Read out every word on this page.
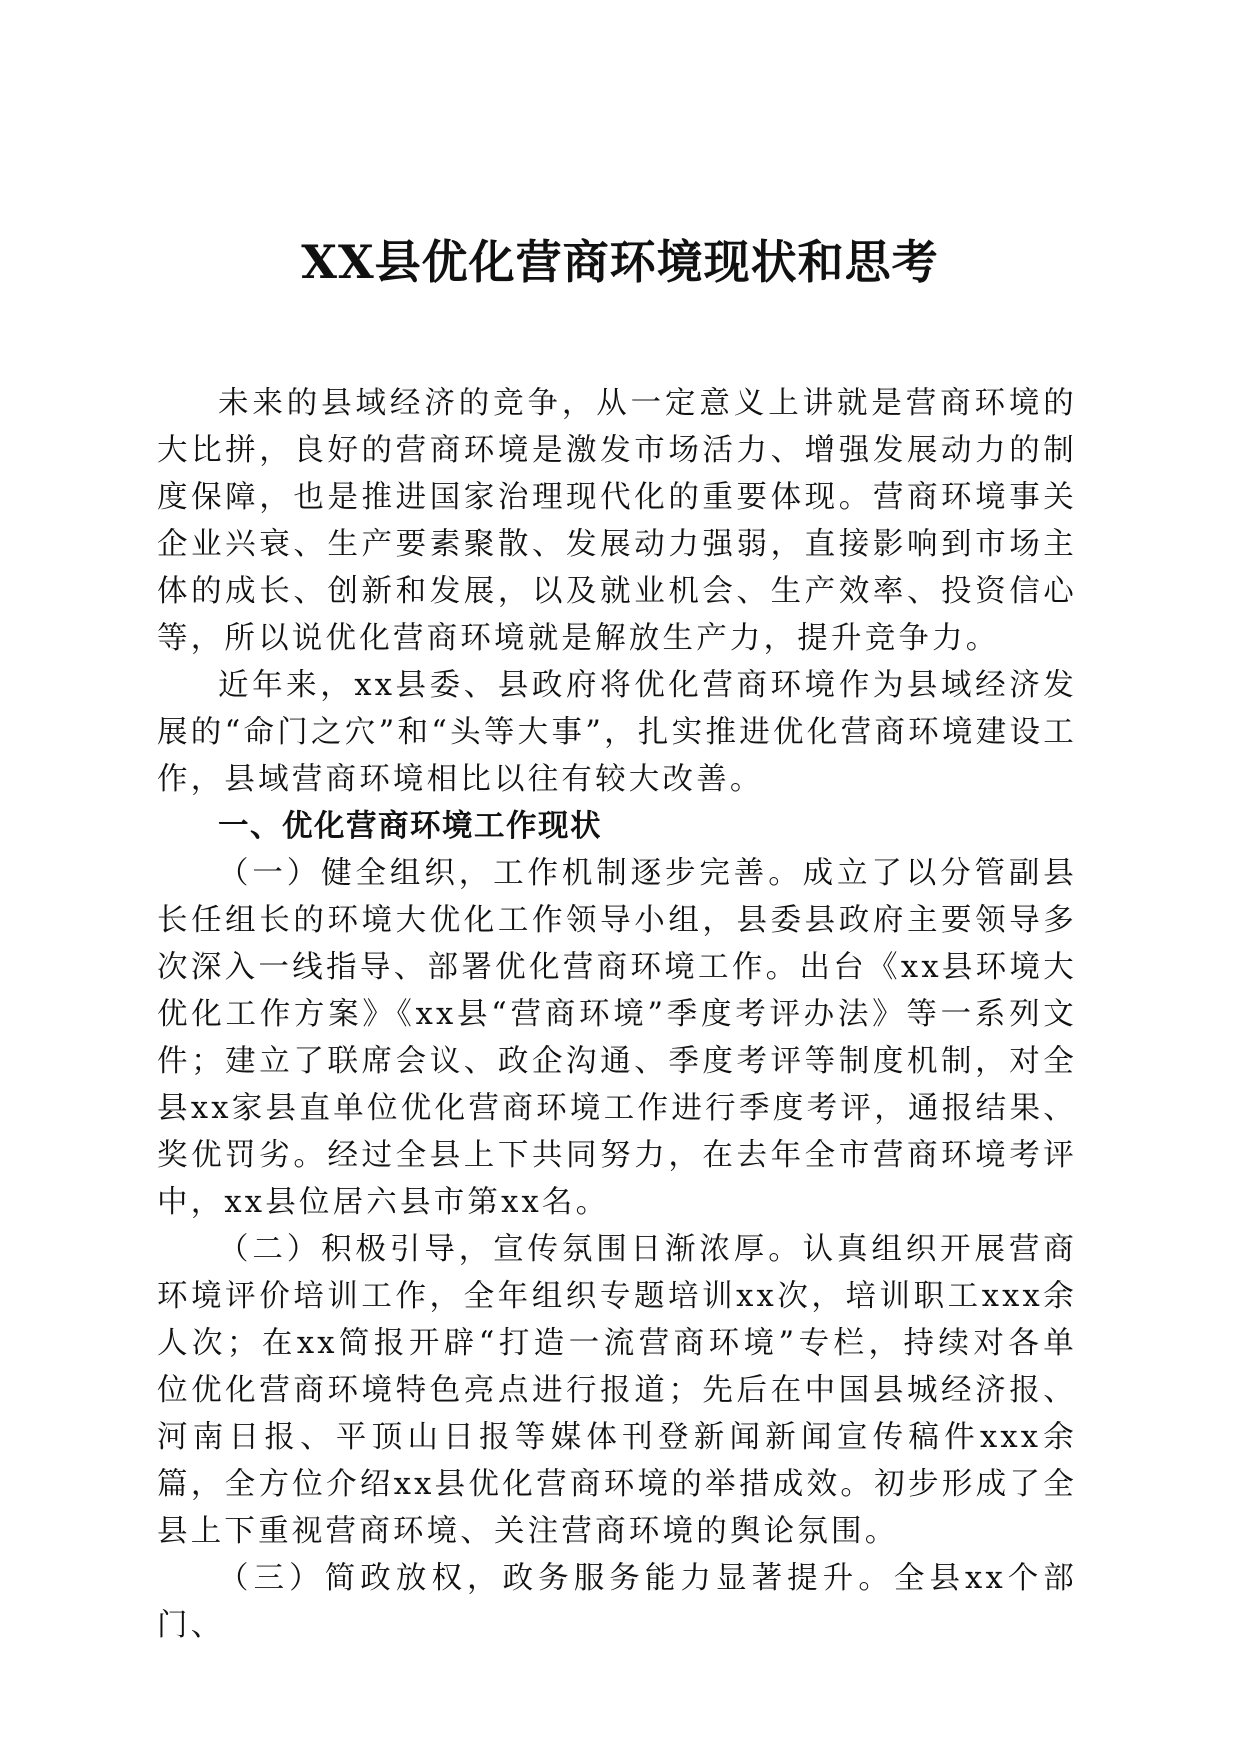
XX县优化营商环境现状和思考

未来的县域经济的竞争，从一定意义上讲就是营商环境的大比拼，良好的营商环境是激发市场活力、增强发展动力的制度保障，也是推进国家治理现代化的重要体现。营商环境事关企业兴衰、生产要素聚散、发展动力强弱，直接影响到市场主体的成长、创新和发展，以及就业机会、生产效率、投资信心等，所以说优化营商环境就是解放生产力，提升竞争力。

近年来，xx县委、县政府将优化营商环境作为县域经济发展的“命门之穴”和“头等大事”，扎实推进优化营商环境建设工作，县域营商环境相比以往有较大改善。

一、优化营商环境工作现状

（一）健全组织，工作机制逐步完善。成立了以分管副县长任组长的环境大优化工作领导小组，县委县政府主要领导多次深入一线指导、部署优化营商环境工作。出台《xx县环境大优化工作方案》《xx县“营商环境”季度考评办法》等一系列文件；建立了联席会议、政企沟通、季度考评等制度机制，对全县xx家县直单位优化营商环境工作进行季度考评，通报结果、奖优罚劣。经过全县上下共同努力，在去年全市营商环境考评中，xx县位居六县市第xx名。

（二）积极引导，宣传氛围日渐浓厚。认真组织开展营商环境评价培训工作，全年组织专题培训xx次，培训职工xxx余人次；在xx简报开辟“打造一流营商环境”专栏，持续对各单位优化营商环境特色亮点进行报道；先后在中国县城经济报、河南日报、平顶山日报等媒体刊登新闻新闻宣传稿件xxx余篇，全方位介绍xx县优化营商环境的举措成效。初步形成了全县上下重视营商环境、关注营商环境的舆论氛围。

（三）简政放权，政务服务能力显著提升。全县xx个部门、
